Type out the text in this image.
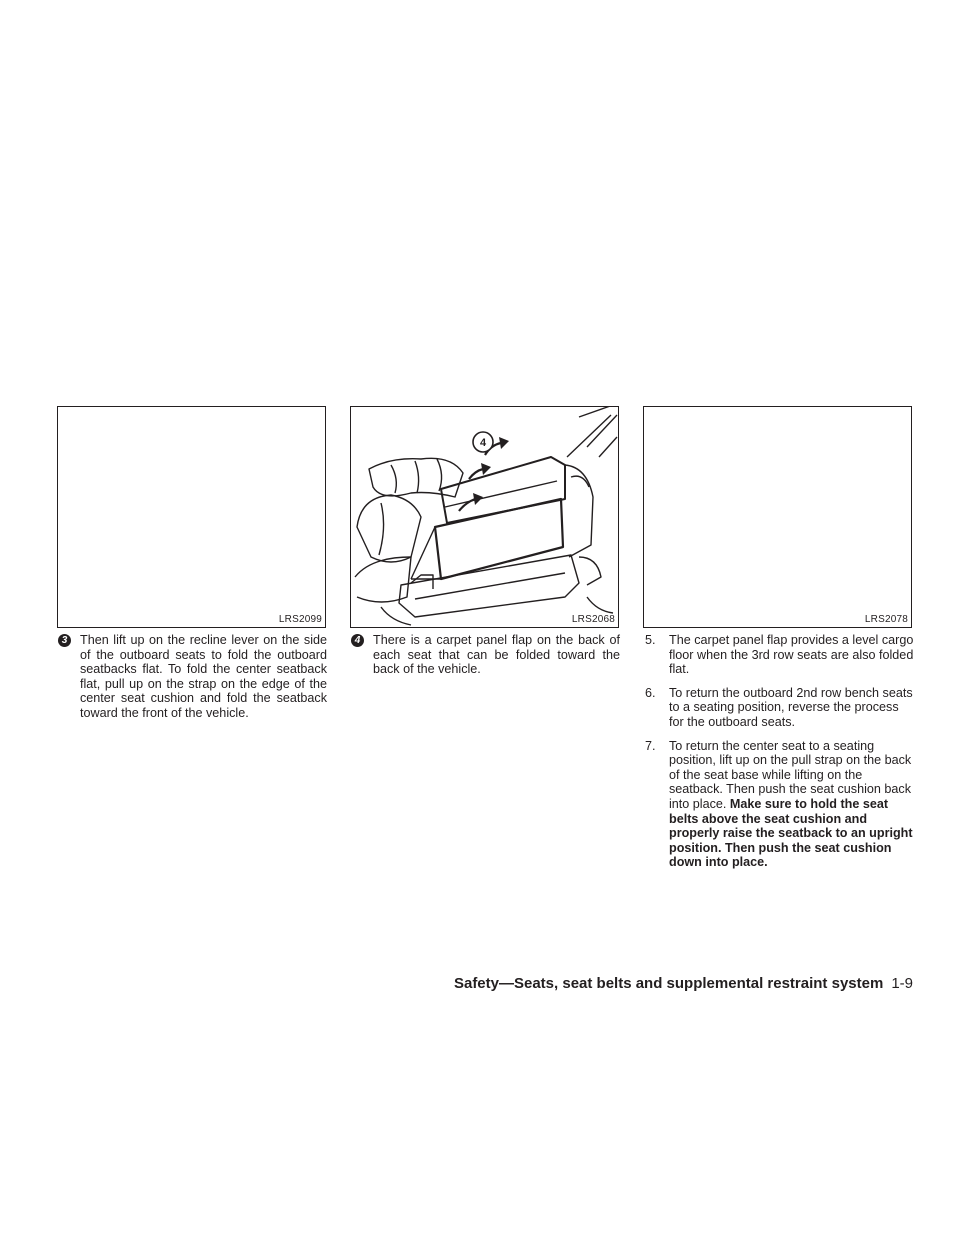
LRS2099
4
LRS2068	LRS2078
3 Then lift up on the recline lever on the side of the outboard seats to fold the outboard seatbacks flat. To fold the center seatback flat, pull up on the strap on the edge of the center seat cushion and fold the seatback toward the front of the vehicle.
4 There is a carpet panel flap on the back of each seat that can be folded toward the back of the vehicle.
5. The carpet panel flap provides a level cargo floor when the 3rd row seats are also folded flat.
6. To return the outboard 2nd row bench seats to a seating position, reverse the process for the outboard seats.
7. To return the center seat to a seating position, lift up on the pull strap on the back of the seat base while lifting on the seatback. Then push the seat cushion back into place. Make sure to hold the seat belts above the seat cushion and properly raise the seatback to an upright position. Then push the seat cushion down into place.
Safety—Seats, seat belts and supplemental restraint system 1-9
